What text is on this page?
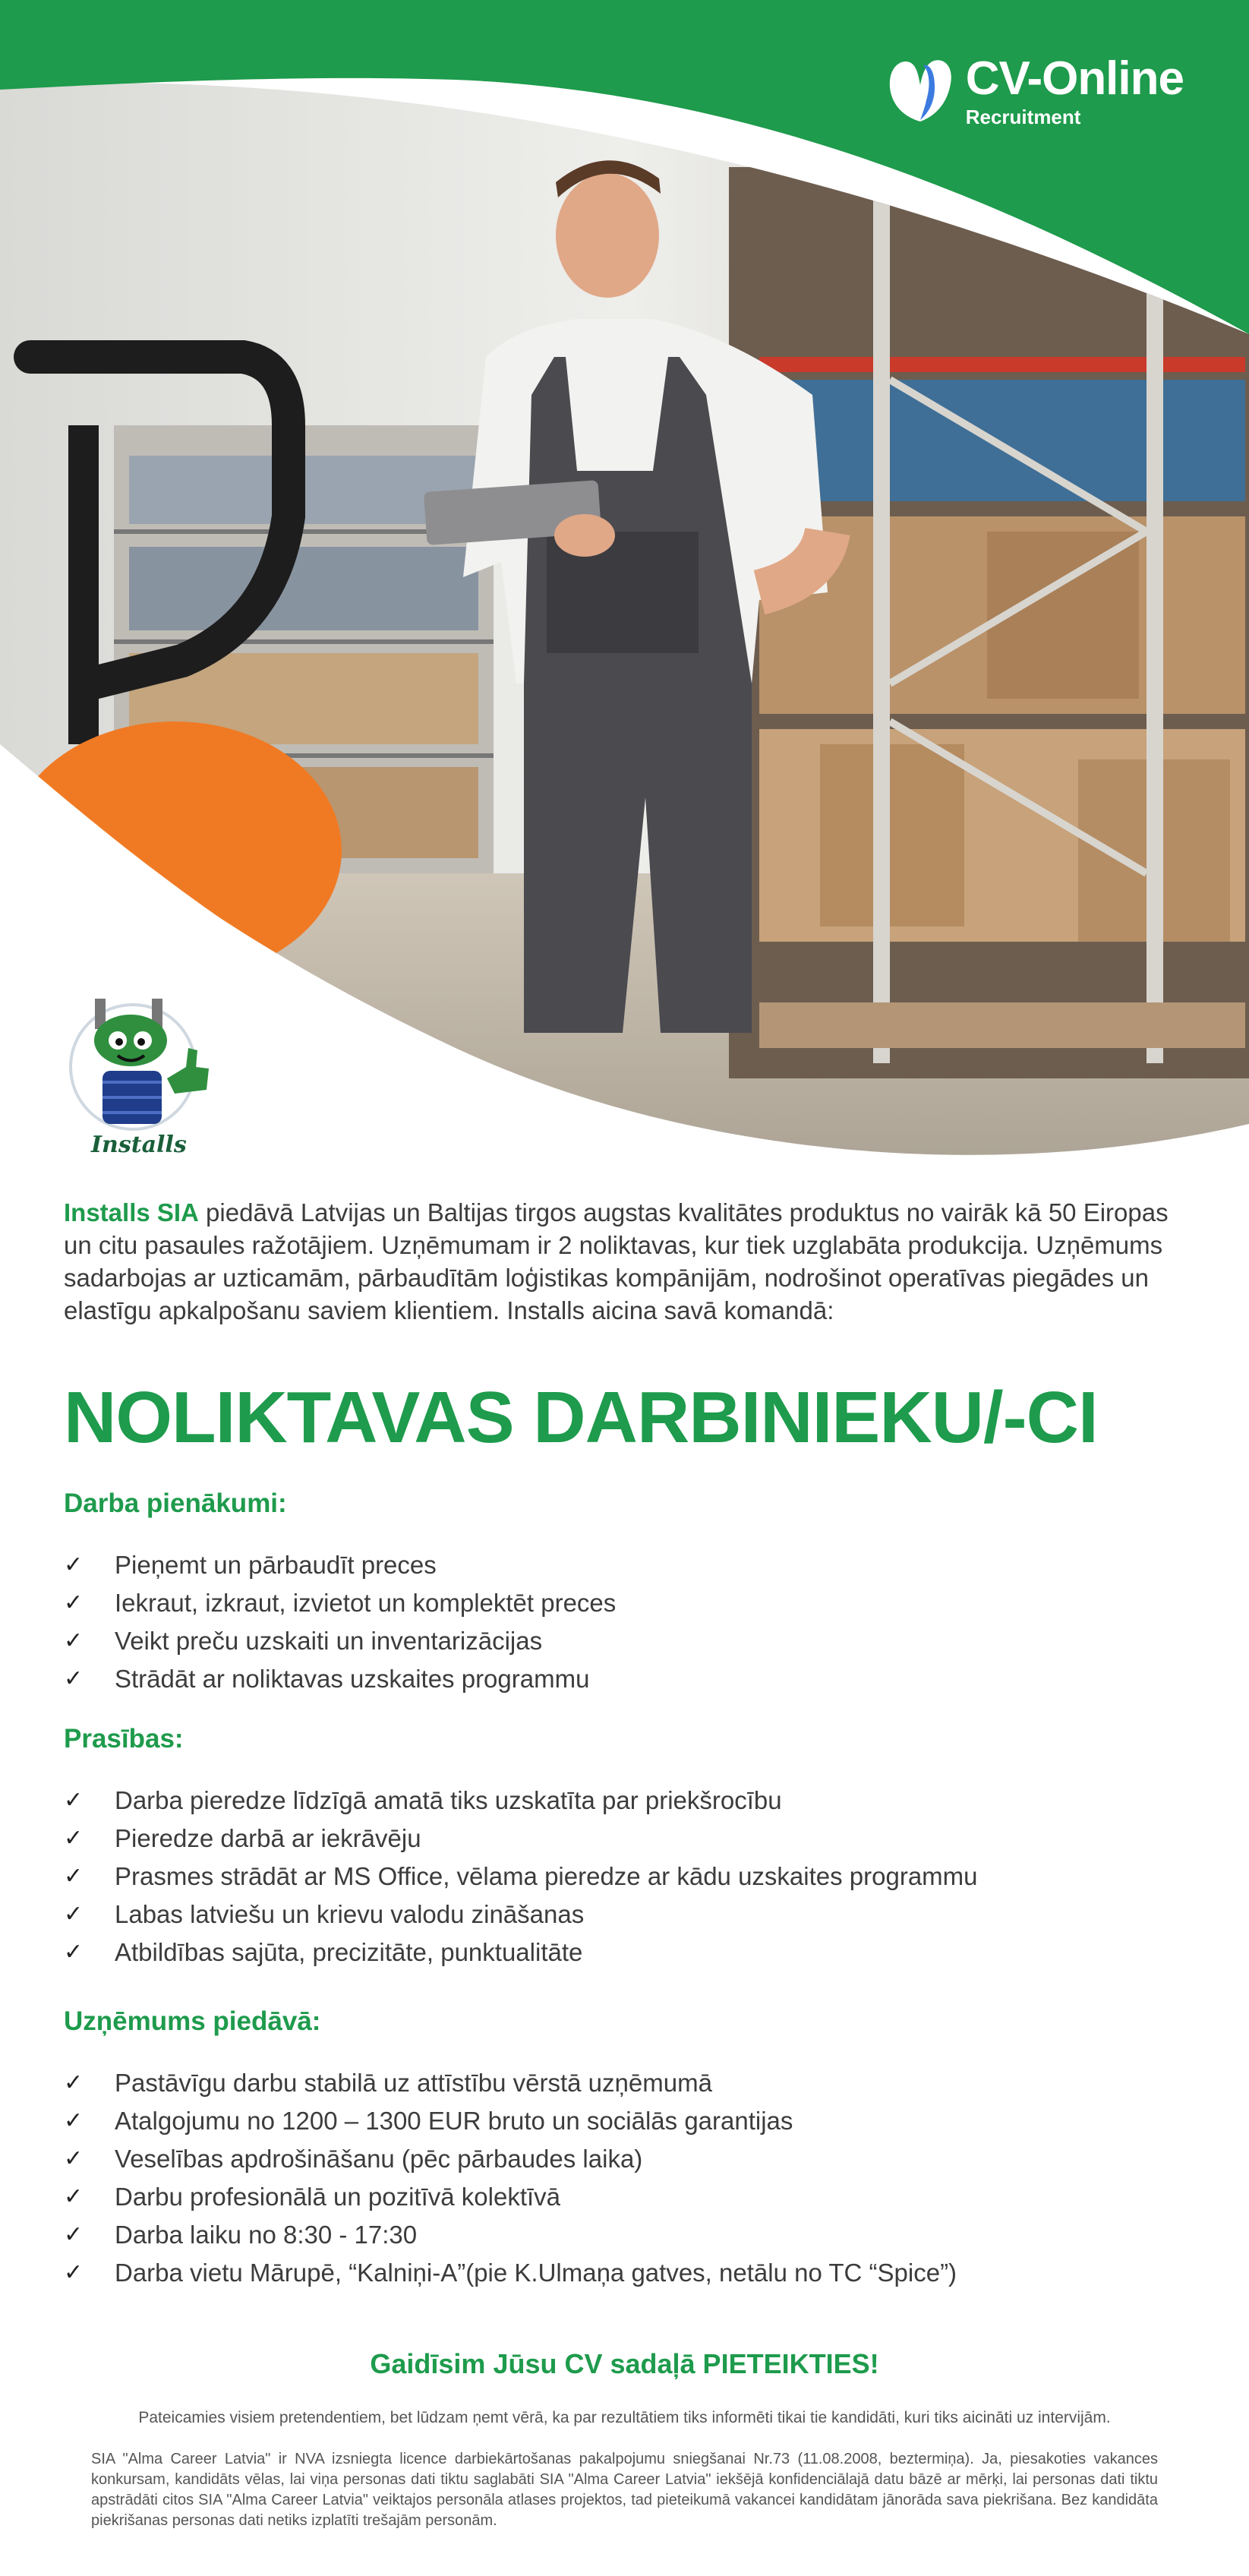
CV-Online
Recruitment
Installs

Installs SIA piedāvā Latvijas un Baltijas tirgos augstas kvalitātes produktus no vairāk kā 50 Eiropas un citu pasaules ražotājiem. Uzņēmumam ir 2 noliktavas, kur tiek uzglabāta produkcija. Uzņēmums sadarbojas ar uzticamām, pārbaudītām loģistikas kompānijām, nodrošinot operatīvas piegādes un elastīgu apkalpošanu saviem klientiem. Installs aicina savā komandā:

NOLIKTAVAS DARBINIEKU/-CI
Darba pienākumi:
✓ Pieņemt un pārbaudīt preces
✓ Iekraut, izkraut, izvietot un komplektēt preces
✓ Veikt preču uzskaiti un inventarizācijas
✓ Strādāt ar noliktavas uzskaites programmu
Prasības:
✓ Darba pieredze līdzīgā amatā tiks uzskatīta par priekšrocību
✓ Pieredze darbā ar iekrāvēju
✓ Prasmes strādāt ar MS Office, vēlama pieredze ar kādu uzskaites programmu
✓ Labas latviešu un krievu valodu zināšanas
✓ Atbildības sajūta, precizitāte, punktualitāte
Uzņēmums piedāvā:
✓ Pastāvīgu darbu stabilā uz attīstību vērstā uzņēmumā
✓ Atalgojumu no 1200 – 1300 EUR bruto un sociālās garantijas
✓ Veselības apdrošināšanu (pēc pārbaudes laika)
✓ Darbu profesionālā un pozitīvā kolektīvā
✓ Darba laiku no 8:30 - 17:30
✓ Darba vietu Mārupē, “Kalniņi-A”(pie K.Ulmaņa gatves, netālu no TC “Spice”)
Gaidīsim Jūsu CV sadaļā PIETEIKTIES!
Pateicamies visiem pretendentiem, bet lūdzam ņemt vērā, ka par rezultātiem tiks informēti tikai tie kandidāti, kuri tiks aicināti uz intervijām.
SIA "Alma Career Latvia" ir NVA izsniegta licence darbiekārtošanas pakalpojumu sniegšanai Nr.73 (11.08.2008, beztermiņa). Ja, piesakoties vakances konkursam, kandidāts vēlas, lai viņa personas dati tiktu saglabāti SIA "Alma Career Latvia" iekšējā konfidenciālajā datu bāzē ar mērķi, lai personas dati tiktu apstrādāti citos SIA "Alma Career Latvia" veiktajos personāla atlases projektos, tad pieteikumā vakancei kandidātam jānorāda sava piekrišana. Bez kandidāta piekrišanas personas dati netiks izplatīti trešajām personām.
